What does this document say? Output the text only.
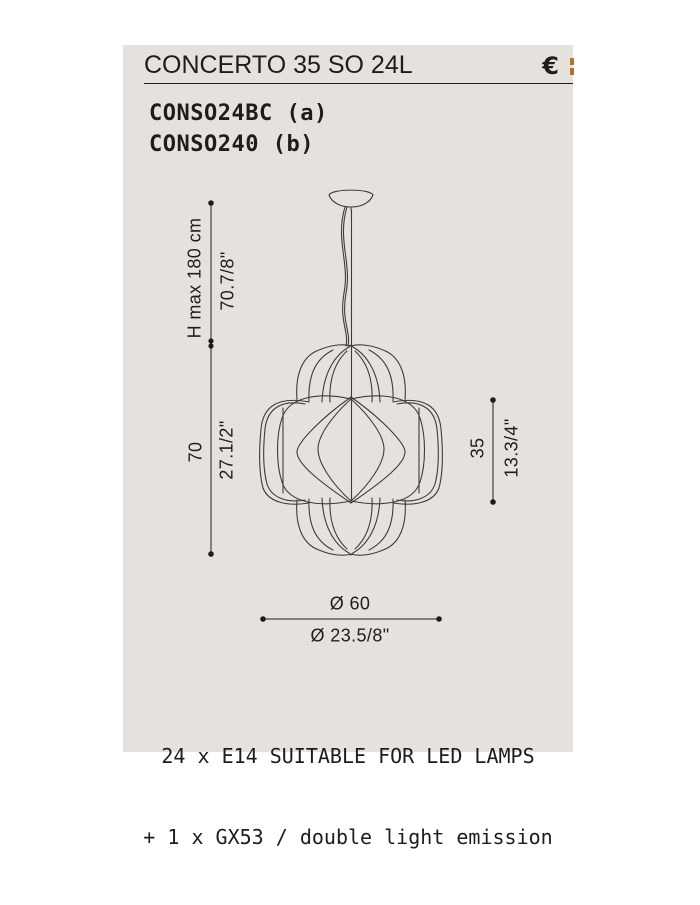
CONCERTO 35 SO 24L	€
CONSO24BC (a)
CONSO240 (b)
H max 180 cm 70.7/8"
70 27.1/2"	35 13.3/4"
Ø 60
Ø 23.5/8"

24 x E14 SUITABLE FOR LED LAMPS

+ 1 x GX53 / double light emission
